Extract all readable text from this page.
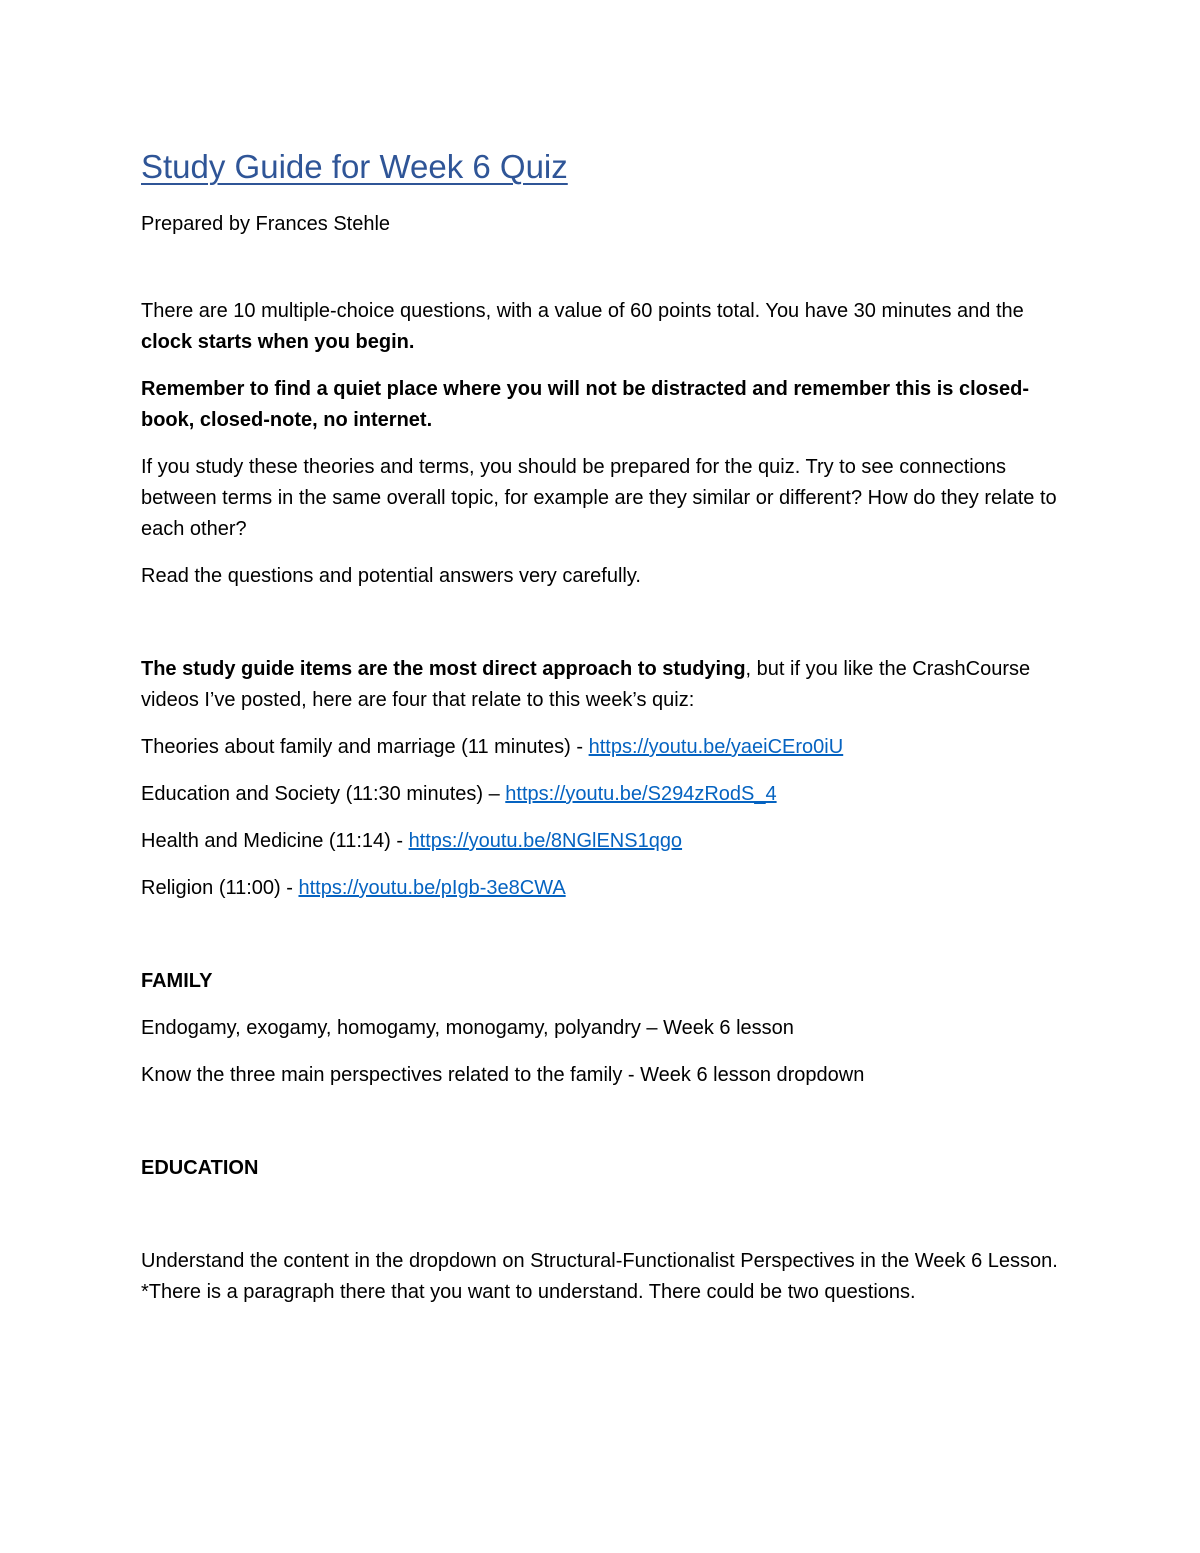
Study Guide for Week 6 Quiz

Prepared by Frances Stehle

There are 10 multiple-choice questions, with a value of 60 points total. You have 30 minutes and the clock starts when you begin.

Remember to find a quiet place where you will not be distracted and remember this is closed-book, closed-note, no internet.

If you study these theories and terms, you should be prepared for the quiz. Try to see connections between terms in the same overall topic, for example are they similar or different? How do they relate to each other?

Read the questions and potential answers very carefully.

The study guide items are the most direct approach to studying, but if you like the CrashCourse videos I’ve posted, here are four that relate to this week’s quiz:

Theories about family and marriage (11 minutes) - https://youtu.be/yaeiCEro0iU

Education and Society (11:30 minutes) – https://youtu.be/S294zRodS_4

Health and Medicine (11:14) - https://youtu.be/8NGlENS1qgo

Religion (11:00) - https://youtu.be/pIgb-3e8CWA

FAMILY

Endogamy, exogamy, homogamy, monogamy, polyandry – Week 6 lesson

Know the three main perspectives related to the family - Week 6 lesson dropdown

EDUCATION

Understand the content in the dropdown on Structural-Functionalist Perspectives in the Week 6 Lesson. *There is a paragraph there that you want to understand. There could be two questions.
